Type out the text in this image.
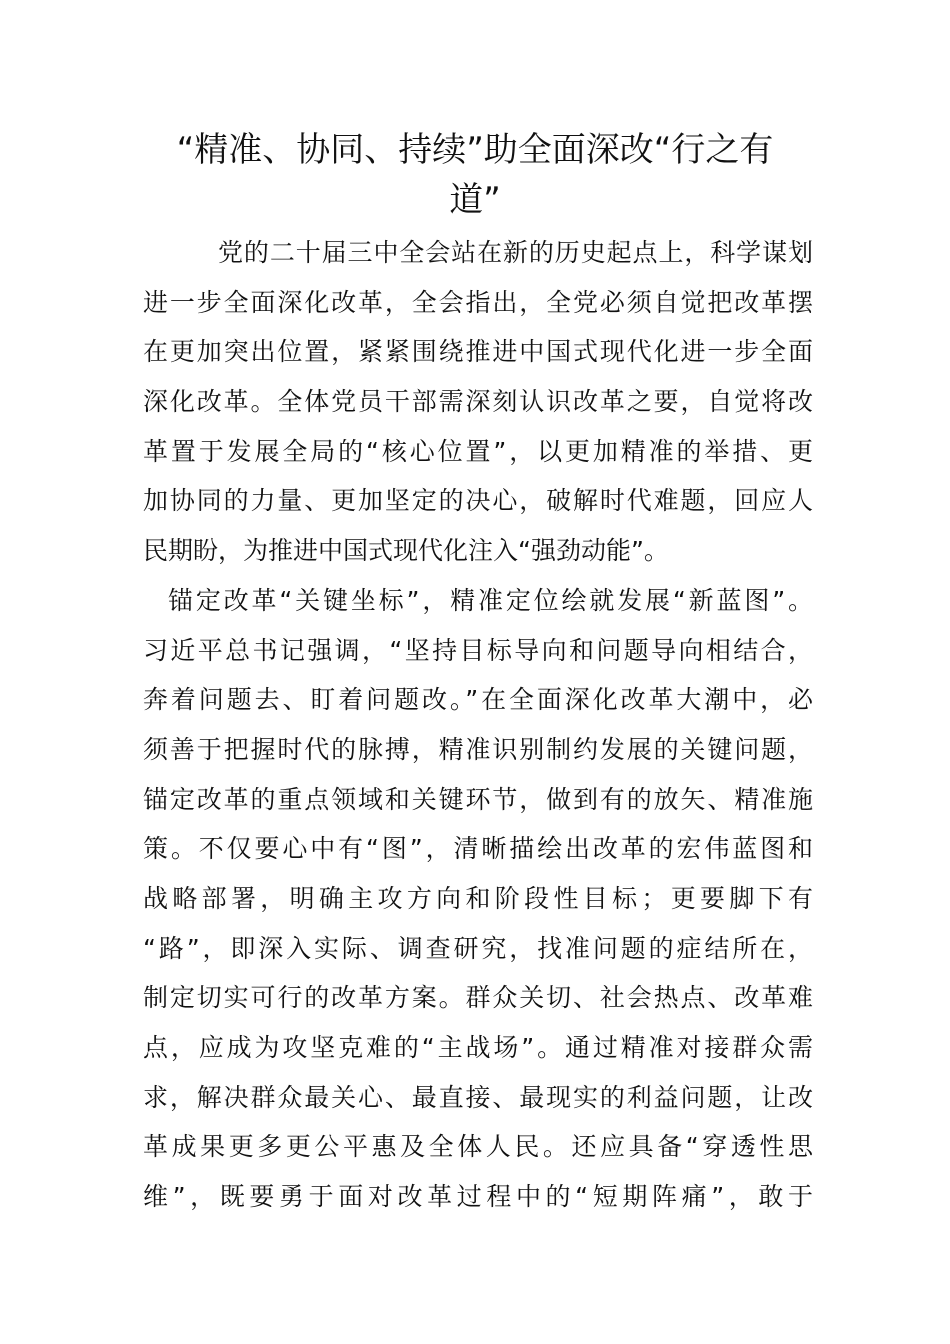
“精准、协同、持续”助全面深改“行之有
道”
党的二十届三中全会站在新的历史起点上，科学谋划
进一步全面深化改革，全会指出，全党必须自觉把改革摆
在更加突出位置，紧紧围绕推进中国式现代化进一步全面
深化改革。全体党员干部需深刻认识改革之要，自觉将改
革置于发展全局的“核心位置”，以更加精准的举措、更
加协同的力量、更加坚定的决心，破解时代难题，回应人
民期盼，为推进中国式现代化注入“强劲动能”。
锚定改革“关键坐标”，精准定位绘就发展“新蓝图”。
习近平总书记强调，“坚持目标导向和问题导向相结合，
奔着问题去、盯着问题改。”在全面深化改革大潮中，必
须善于把握时代的脉搏，精准识别制约发展的关键问题，
锚定改革的重点领域和关键环节，做到有的放矢、精准施
策。不仅要心中有“图”，清晰描绘出改革的宏伟蓝图和
战略部署，明确主攻方向和阶段性目标；更要脚下有
“路”，即深入实际、调查研究，找准问题的症结所在，
制定切实可行的改革方案。群众关切、社会热点、改革难
点，应成为攻坚克难的“主战场”。通过精准对接群众需
求，解决群众最关心、最直接、最现实的利益问题，让改
革成果更多更公平惠及全体人民。还应具备“穿透性思
维”，既要勇于面对改革过程中的“短期阵痛”，敢于
